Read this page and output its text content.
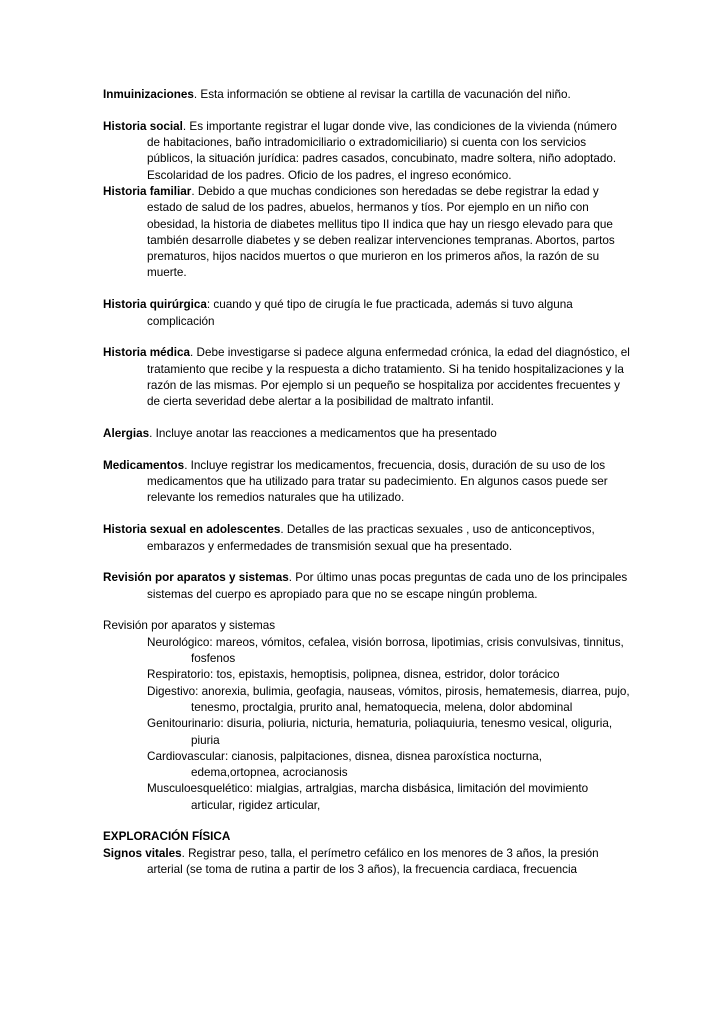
Inmuinizaciones. Esta información se obtiene al revisar la cartilla de vacunación del niño.

Historia social. Es importante registrar el lugar donde vive, las condiciones de la vivienda (número de habitaciones, baño intradomiciliario o extradomiciliario) si cuenta con los servicios públicos, la situación jurídica: padres casados, concubinato, madre soltera, niño adoptado. Escolaridad de los padres. Oficio de los padres, el ingreso económico.

Historia familiar. Debido a que muchas condiciones son heredadas se debe registrar la edad y estado de salud de los padres, abuelos, hermanos y tíos. Por ejemplo en un niño con obesidad, la historia de diabetes mellitus tipo II indica que hay un riesgo elevado para que también desarrolle diabetes y se deben realizar intervenciones tempranas. Abortos, partos prematuros, hijos nacidos muertos o que murieron en los primeros años, la razón de su muerte.

Historia quirúrgica: cuando y qué tipo de cirugía le fue practicada, además si tuvo alguna complicación

Historia médica. Debe investigarse si padece alguna enfermedad crónica, la edad del diagnóstico, el tratamiento que recibe y la respuesta a dicho tratamiento. Si ha tenido hospitalizaciones y la razón de las mismas. Por ejemplo si un pequeño se hospitaliza por accidentes frecuentes y de cierta severidad debe alertar a la posibilidad de maltrato infantil.

Alergias. Incluye anotar las reacciones a medicamentos que ha presentado

Medicamentos. Incluye registrar los medicamentos, frecuencia, dosis, duración de su uso de los medicamentos que ha utilizado para tratar su padecimiento. En algunos casos puede ser relevante los remedios naturales que ha utilizado.

Historia sexual en adolescentes. Detalles de las practicas sexuales , uso de anticonceptivos, embarazos y enfermedades de transmisión sexual que ha presentado.

Revisión por aparatos y sistemas. Por último unas pocas preguntas de cada uno de los principales sistemas del cuerpo es apropiado para que no se escape ningún problema.

Revisión por aparatos y sistemas

Neurológico: mareos, vómitos, cefalea, visión borrosa, lipotimias, crisis convulsivas, tinnitus, fosfenos

Respiratorio: tos, epistaxis, hemoptisis, polipnea, disnea, estridor, dolor torácico

Digestivo: anorexia, bulimia, geofagia, nauseas, vómitos, pirosis, hematemesis, diarrea, pujo, tenesmo, proctalgia, prurito anal, hematoquecia, melena, dolor abdominal

Genitourinario: disuria, poliuria, nicturia, hematuria, poliaquiuria, tenesmo vesical, oliguria, piuria

Cardiovascular: cianosis, palpitaciones, disnea, disnea paroxística nocturna, edema,ortopnea, acrocianosis

Musculoesquelético: mialgias, artralgias, marcha disbásica, limitación del movimiento articular, rigidez articular,

EXPLORACIÓN FÍSICA

Signos vitales. Registrar peso, talla, el perímetro cefálico en los menores de 3 años, la presión arterial (se toma de rutina a partir de los 3 años), la frecuencia cardiaca, frecuencia
